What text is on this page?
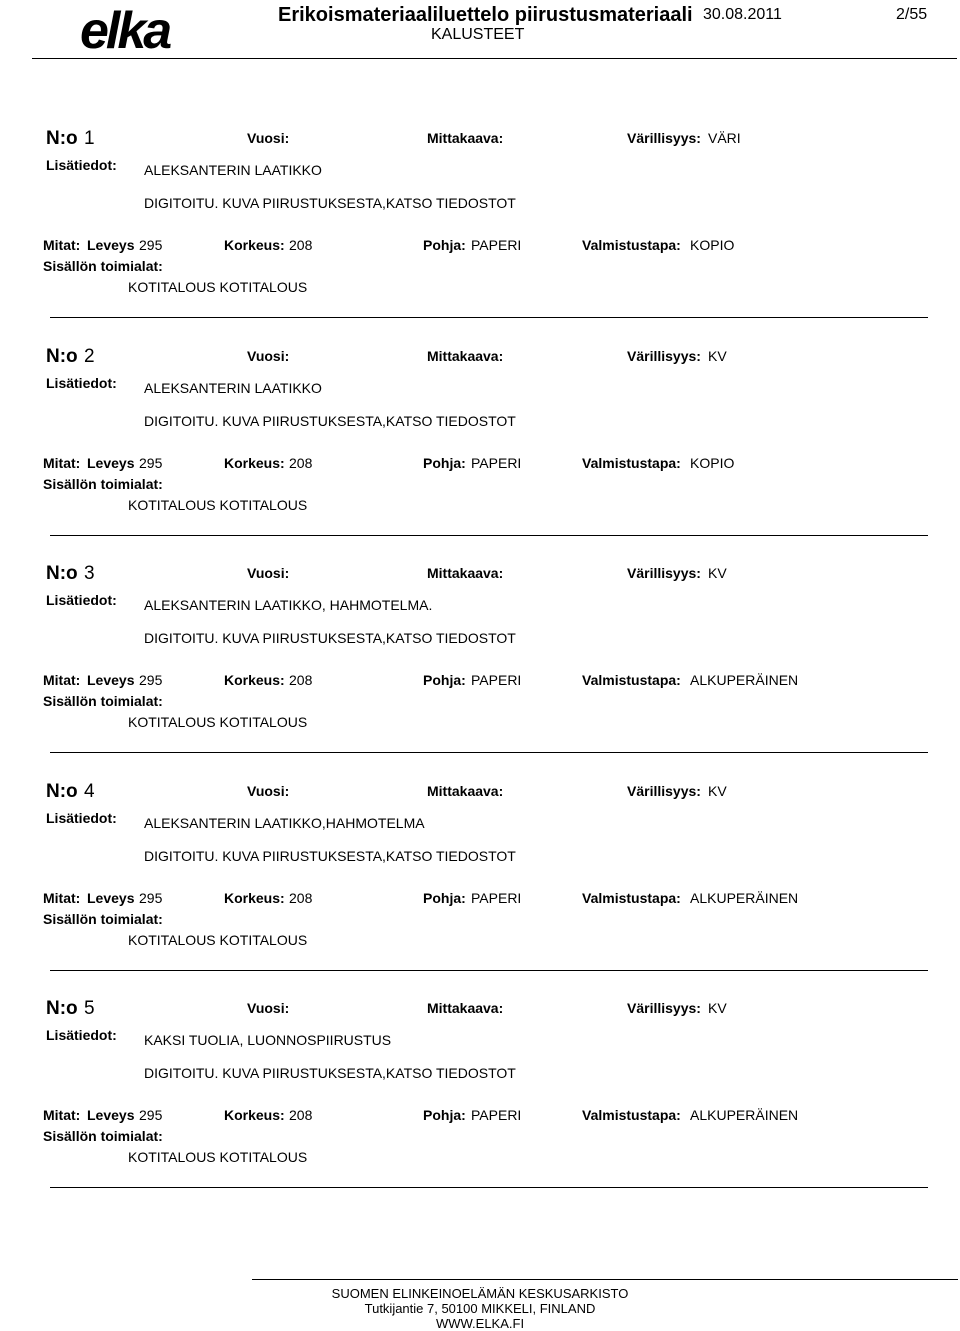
elka	Erikoismateriaaliluettelo piirustusmateriaali 30.08.2011	2/55
KALUSTEET
N:o 1	Vuosi:	Mittakaava:	Värillisyys: VÄRI
Lisätiedot: ALEKSANTERIN LAATIKKO
DIGITOITU. KUVA PIIRUSTUKSESTA,KATSO TIEDOSTOT
Mitat: Leveys 295	Korkeus: 208	Pohja: PAPERI	Valmistustapa: KOPIO
Sisällön toimialat:
KOTITALOUS KOTITALOUS
N:o 2	Vuosi:	Mittakaava:	Värillisyys: KV
Lisätiedot: ALEKSANTERIN LAATIKKO
DIGITOITU. KUVA PIIRUSTUKSESTA,KATSO TIEDOSTOT
Mitat: Leveys 295	Korkeus: 208	Pohja: PAPERI	Valmistustapa: KOPIO
Sisällön toimialat:
KOTITALOUS KOTITALOUS
N:o 3	Vuosi:	Mittakaava:	Värillisyys: KV
Lisätiedot: ALEKSANTERIN LAATIKKO, HAHMOTELMA.
DIGITOITU. KUVA PIIRUSTUKSESTA,KATSO TIEDOSTOT
Mitat: Leveys 295	Korkeus: 208	Pohja: PAPERI	Valmistustapa: ALKUPERÄINEN
Sisällön toimialat:
KOTITALOUS KOTITALOUS
N:o 4	Vuosi:	Mittakaava:	Värillisyys: KV
Lisätiedot: ALEKSANTERIN LAATIKKO,HAHMOTELMA
DIGITOITU. KUVA PIIRUSTUKSESTA,KATSO TIEDOSTOT
Mitat: Leveys 295	Korkeus: 208	Pohja: PAPERI	Valmistustapa: ALKUPERÄINEN
Sisällön toimialat:
KOTITALOUS KOTITALOUS
N:o 5	Vuosi:	Mittakaava:	Värillisyys: KV
Lisätiedot: KAKSI TUOLIA, LUONNOSPIIRUSTUS
DIGITOITU. KUVA PIIRUSTUKSESTA,KATSO TIEDOSTOT
Mitat: Leveys 295	Korkeus: 208	Pohja: PAPERI	Valmistustapa: ALKUPERÄINEN
Sisällön toimialat:
KOTITALOUS KOTITALOUS
SUOMEN ELINKEINOELÄMÄN KESKUSARKISTO
Tutkijantie 7, 50100 MIKKELI, FINLAND
WWW.ELKA.FI
